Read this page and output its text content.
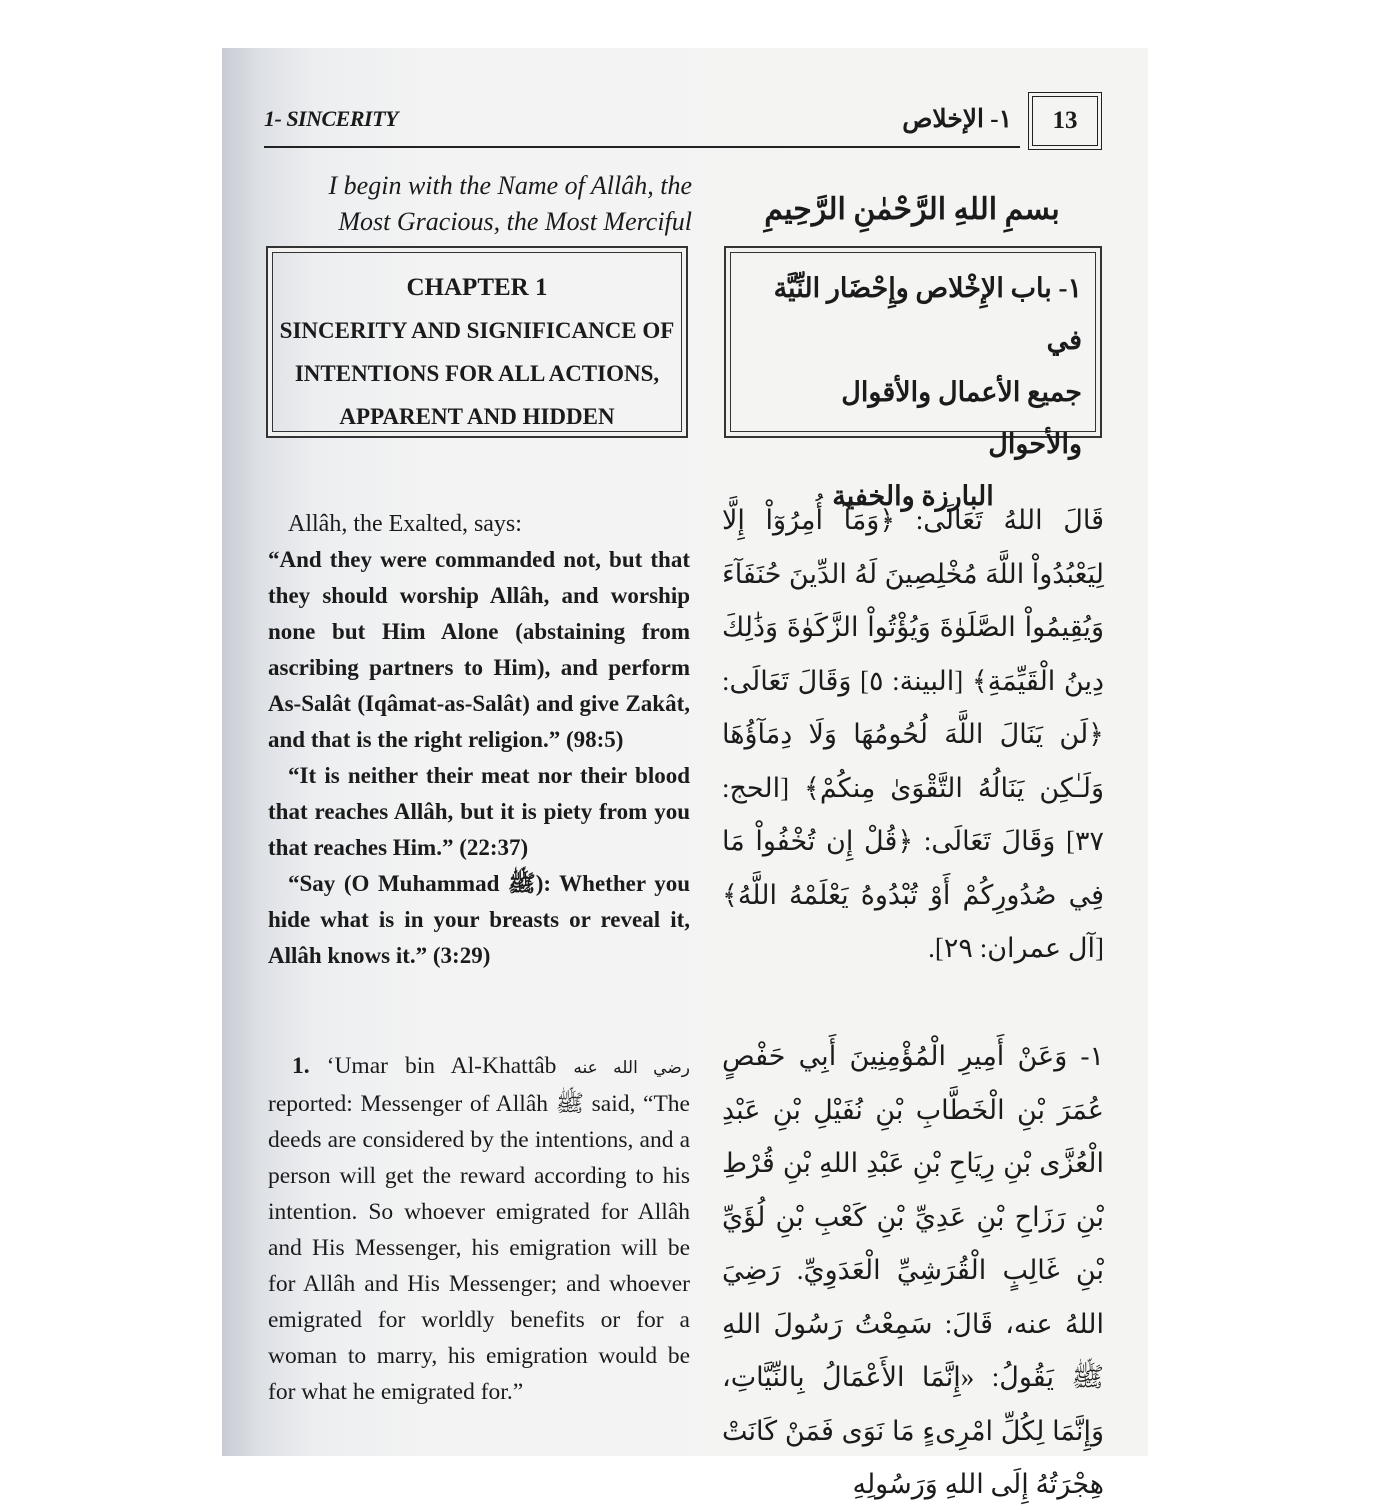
1- SINCERITY	١- الإخلاص	13
I begin with the Name of Allâh, the
Most Gracious, the Most Merciful	بسمِ اللهِ الرَّحْمٰنِ الرَّحِيمِ
CHAPTER 1
SINCERITY AND SIGNIFICANCE OF
INTENTIONS FOR ALL ACTIONS,
APPARENT AND HIDDEN
١- باب الإِخْلاص وإِحْضَار النِّيَّة في
جميع الأعمال والأقوال والأحوال
البارزة والخفية
Allâh, the Exalted, says:

“And they were commanded not, but that they should worship Allâh, and worship none but Him Alone (abstaining from ascribing partners to Him), and perform As-Salât (Iqâmat-as-Salât) and give Zakât, and that is the right religion.” (98:5)

“It is neither their meat nor their blood that reaches Allâh, but it is piety from you that reaches Him.” (22:37)

“Say (O Muhammad ﷺ): Whether you hide what is in your breasts or reveal it, Allâh knows it.” (3:29)

قَالَ اللهُ تَعَالَى: ﴿وَمَآ أُمِرُوٓاْ إِلَّا لِيَعْبُدُواْ اللَّهَ مُخْلِصِينَ لَهُ الدِّينَ حُنَفَآءَ وَيُقِيمُواْ الصَّلَوٰةَ وَيُؤْتُواْ الزَّكَوٰةَ وَذَٰلِكَ دِينُ الْقَيِّمَةِ﴾ [البينة: ٥] وَقَالَ تَعَالَى: ﴿لَن يَنَالَ اللَّهَ لُحُومُهَا وَلَا دِمَآؤُهَا وَلَـٰكِن يَنَالُهُ التَّقْوَىٰ مِنكُمْ﴾ [الحج: ٣٧] وَقَالَ تَعَالَى: ﴿قُلْ إِن تُخْفُواْ مَا فِي صُدُورِكُمْ أَوْ تُبْدُوهُ يَعْلَمْهُ اللَّهُ﴾ [آل عمران: ٢٩].

1. ‘Umar bin Al-Khattâb رضي الله عنه reported: Messenger of Allâh ﷺ said, “The deeds are considered by the intentions, and a person will get the reward according to his intention. So whoever emigrated for Allâh and His Messenger, his emigration will be for Allâh and His Messenger; and whoever emigrated for worldly benefits or for a woman to marry, his emigration would be for what he emigrated for.”

١- وَعَنْ أَمِيرِ الْمُؤْمِنِينَ أَبِي حَفْصٍ عُمَرَ بْنِ الْخَطَّابِ بْنِ نُفَيْلِ بْنِ عَبْدِ الْعُزَّى بْنِ رِيَاحِ بْنِ عَبْدِ اللهِ بْنِ قُرْطِ بْنِ رَزَاحِ بْنِ عَدِيِّ بْنِ كَعْبِ بْنِ لُؤَيِّ بْنِ غَالِبٍ الْقُرَشِيِّ الْعَدَوِيِّ. رَضِيَ اللهُ عنه، قَالَ: سَمِعْتُ رَسُولَ اللهِ ﷺ يَقُولُ: «إِنَّمَا الأَعْمَالُ بِالنِّيَّاتِ، وَإِنَّمَا لِكُلِّ امْرِىءٍ مَا نَوَى فَمَنْ كَانَتْ هِجْرَتُهُ إِلَى اللهِ وَرَسُولِهِ
